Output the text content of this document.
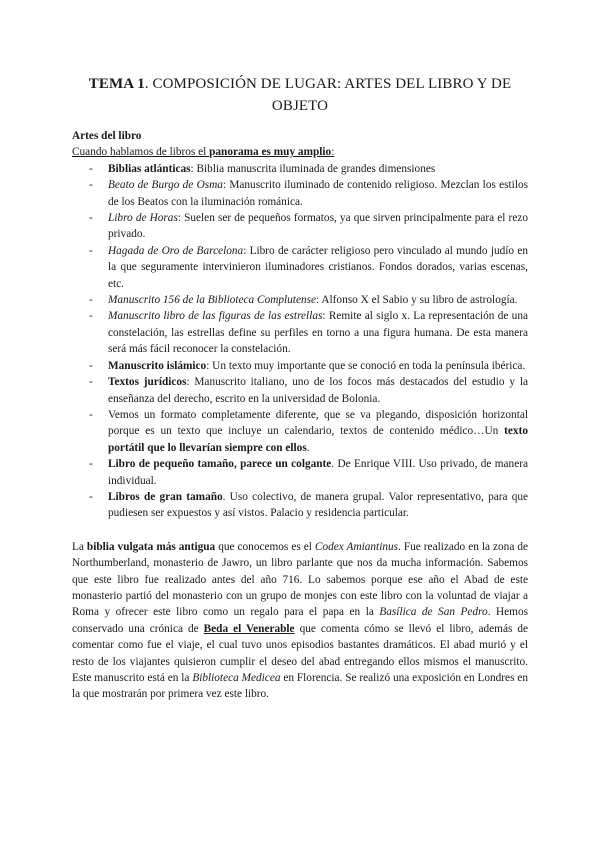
TEMA 1. COMPOSICIÓN DE LUGAR: ARTES DEL LIBRO Y DE OBJETO
Artes del libro
Cuando hablamos de libros el panorama es muy amplio:
- Biblias atlánticas: Biblia manuscrita iluminada de grandes dimensiones
- Beato de Burgo de Osma: Manuscrito iluminado de contenido religioso. Mezclan los estilos de los Beatos con la iluminación románica.
- Libro de Horas: Suelen ser de pequeños formatos, ya que sirven principalmente para el rezo privado.
- Hagada de Oro de Barcelona: Libro de carácter religioso pero vinculado al mundo judío en la que seguramente intervinieron iluminadores cristianos. Fondos dorados, varias escenas, etc.
- Manuscrito 156 de la Biblioteca Complutense: Alfonso X el Sabio y su libro de astrología.
- Manuscrito libro de las figuras de las estrellas: Remite al siglo x. La representación de una constelación, las estrellas define su perfiles en torno a una figura humana. De esta manera será más fácil reconocer la constelación.
- Manuscrito islámico: Un texto muy importante que se conoció en toda la península ibérica.
- Textos jurídicos: Manuscrito italiano, uno de los focos más destacados del estudio y la enseñanza del derecho, escrito en la universidad de Bolonia.
- Vemos un formato completamente diferente, que se va plegando, disposición horizontal porque es un texto que incluye un calendario, textos de contenido médico…Un texto portátil que lo llevarían siempre con ellos.
- Libro de pequeño tamaño, parece un colgante. De Enrique VIII. Uso privado, de manera individual.
- Libros de gran tamaño. Uso colectivo, de manera grupal. Valor representativo, para que pudiesen ser expuestos y así vistos. Palacio y residencia particular.
La biblia vulgata más antigua que conocemos es el Codex Amiantinus. Fue realizado en la zona de Northumberland, monasterio de Jawro, un libro parlante que nos da mucha información. Sabemos que este libro fue realizado antes del año 716. Lo sabemos porque ese año el Abad de este monasterio partió del monasterio con un grupo de monjes con este libro con la voluntad de viajar a Roma y ofrecer este libro como un regalo para el papa en la Basílica de San Pedro. Hemos conservado una crónica de Beda el Venerable que comenta cómo se llevó el libro, además de comentar como fue el viaje, el cual tuvo unos episodios bastantes dramáticos. El abad murió y el resto de los viajantes quisieron cumplir el deseo del abad entregando ellos mismos el manuscrito. Este manuscrito está en la Biblioteca Medicea en Florencia. Se realizó una exposición en Londres en la que mostrarán por primera vez este libro.
